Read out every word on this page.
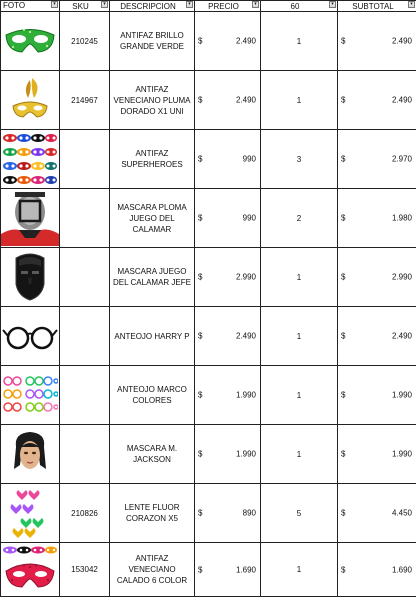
FOTO ▾	SKU ▾	DESCRIPCION ▾	PRECIO ▾	60 ▾	SUBTOTAL ▾

	210245	ANTIFAZ BRILLO GRANDE VERDE	$ 2.490	1	$ 2.490

	214967	ANTIFAZ VENECIANO PLUMA DORADO X1 UNI	$ 2.490	1	$ 2.490

		ANTIFAZ SUPERHEROES	$ 990	3	$ 2.970

		MASCARA PLOMA JUEGO DEL CALAMAR	$ 990	2	$ 1.980

		MASCARA JUEGO DEL CALAMAR JEFE	$ 2.990	1	$ 2.990

		ANTEOJO HARRY P	$ 2.490	1	$ 2.490

		ANTEOJO MARCO COLORES	$ 1.990	1	$ 1.990

		MASCARA M. JACKSON	$ 1.990	1	$ 1.990

	210826	LENTE FLUOR CORAZON X5	$ 890	5	$ 4.450

	153042	ANTIFAZ VENECIANO CALADO 6 COLOR	$ 1.690	1	$ 1.690
